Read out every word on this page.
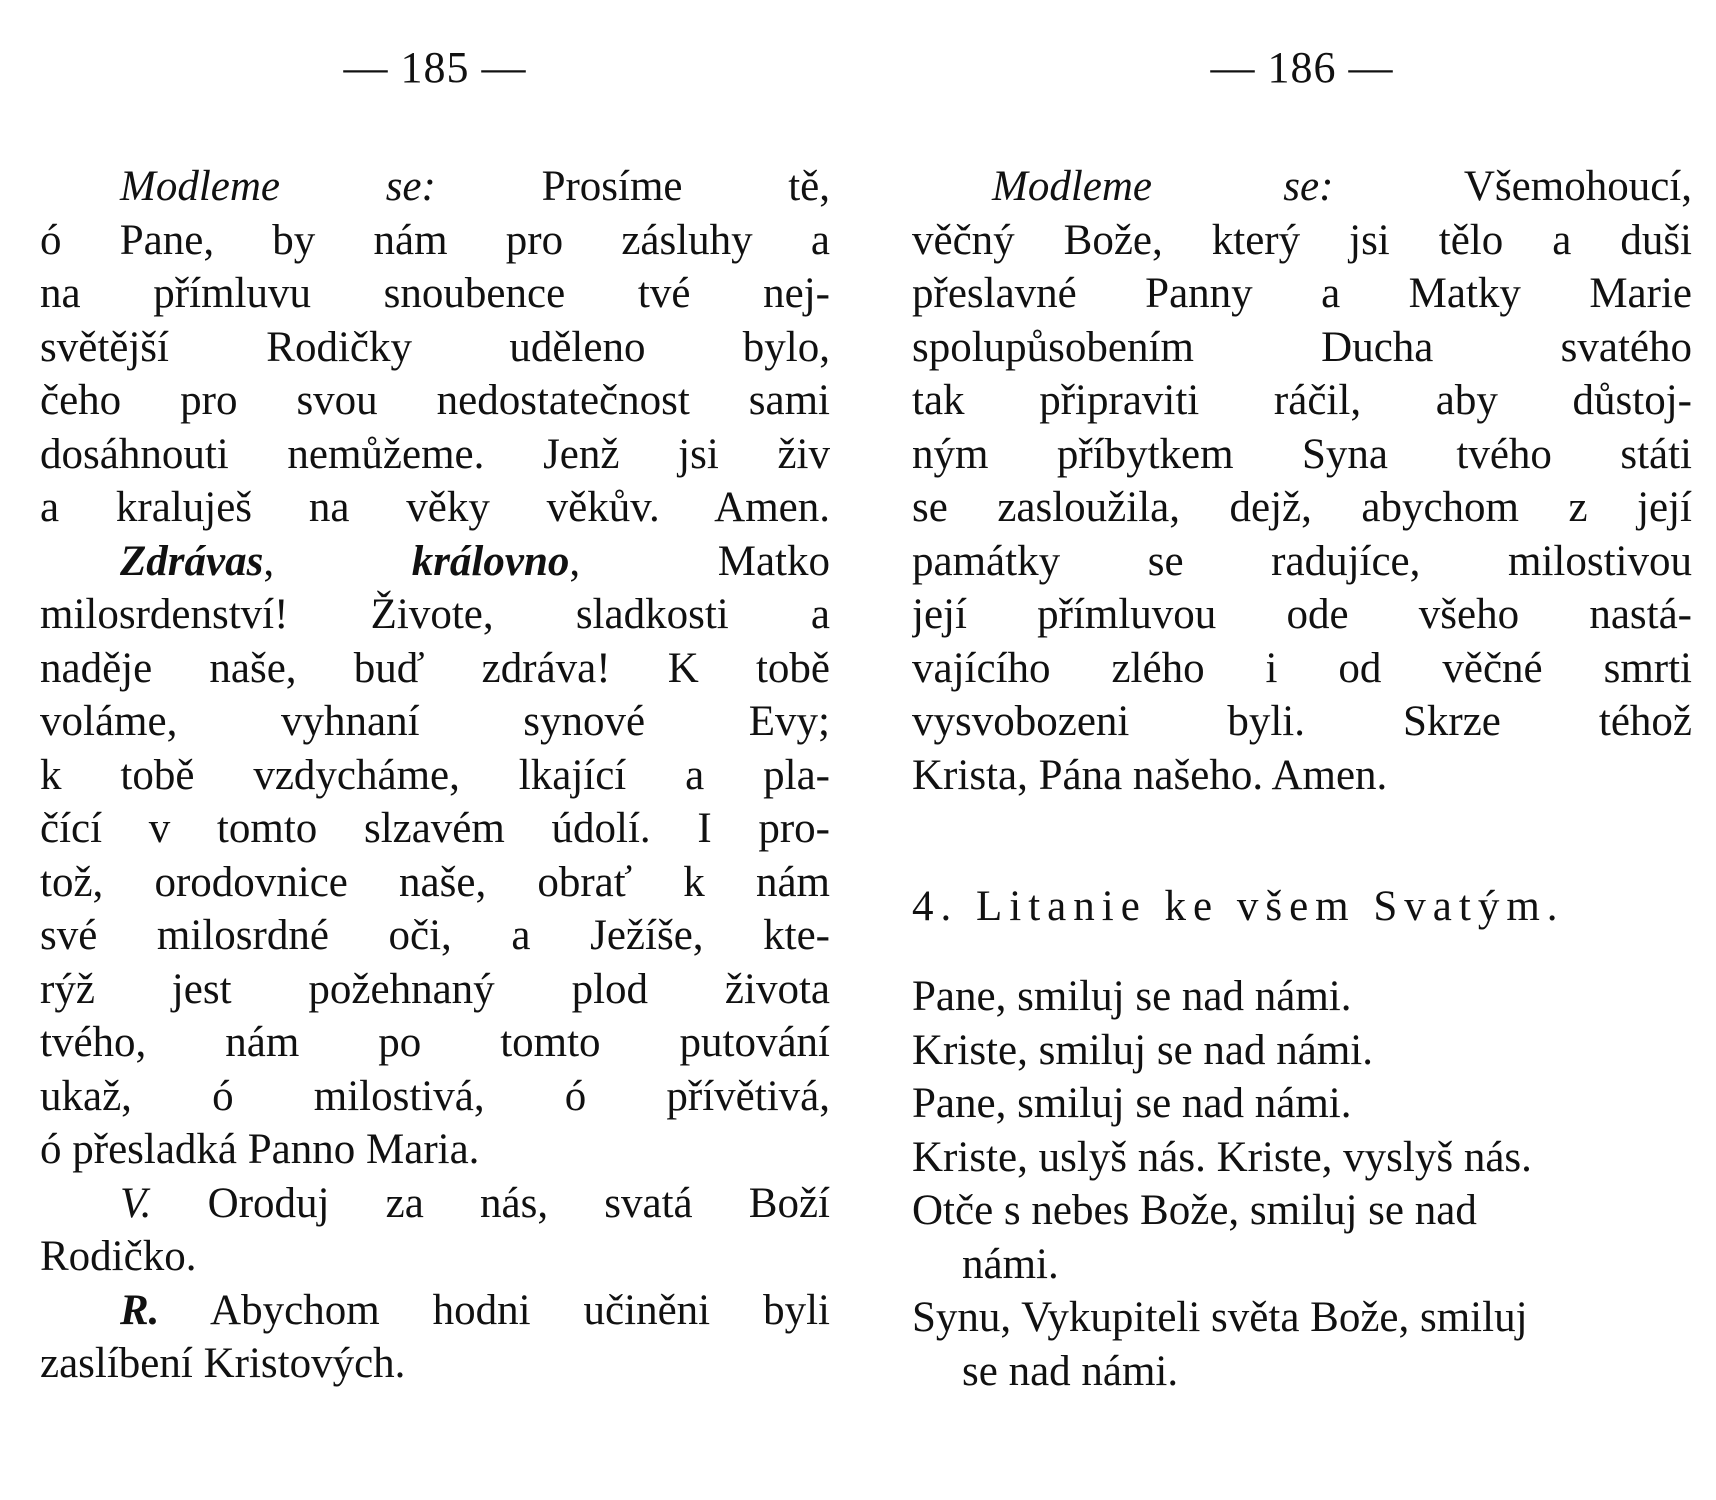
— 185 —
Modleme se: Prosíme tě,
ó Pane, by nám pro zásluhy a
na přímluvu snoubence tvé nej-
světější Rodičky uděleno bylo,
čeho pro svou nedostatečnost sami
dosáhnouti nemůžeme. Jenž jsi živ
a kraluješ na věky věkův. Amen.
Zdrávas,	královno, Matko
milosrdenství! Živote, sladkosti a
naděje naše, buď zdráva! K tobě
voláme, vyhnaní synové Evy;
k tobě vzdycháme, lkající a pla-
čící v tomto slzavém údolí. I pro-
tož, orodovnice naše, obrať k nám
své milosrdné oči, a Ježíše, kte-
rýž jest požehnaný plod života
tvého, nám po tomto putování
ukaž, ó milostivá, ó přívětivá,
ó přesladká Panno Maria.
V. Oroduj za nás, svatá Boží
Rodičko.
R. Abychom hodni učiněni byli
zaslíbení Kristových.
— 186 —
Modleme se:	Všemohoucí,
věčný Bože, který jsi tělo a duši
přeslavné Panny a Matky Marie
spolupůsobením Ducha svatého
tak připraviti ráčil, aby důstoj-
ným příbytkem Syna tvého státi
se zasloužila, dejž, abychom z její
památky se radujíce, milostivou
její přímluvou ode všeho nastá-
vajícího zlého i od věčné smrti
vysvobozeni byli. Skrze téhož
Krista, Pána našeho. Amen.
4. Litanie ke všem Svatým.
Pane, smiluj se nad námi.
Kriste, smiluj se nad námi.
Pane, smiluj se nad námi.
Kriste, uslyš nás. Kriste, vyslyš nás.
Otče s nebes Bože, smiluj se nad
námi.
Synu, Vykupiteli světa Bože, smiluj
se nad námi.
